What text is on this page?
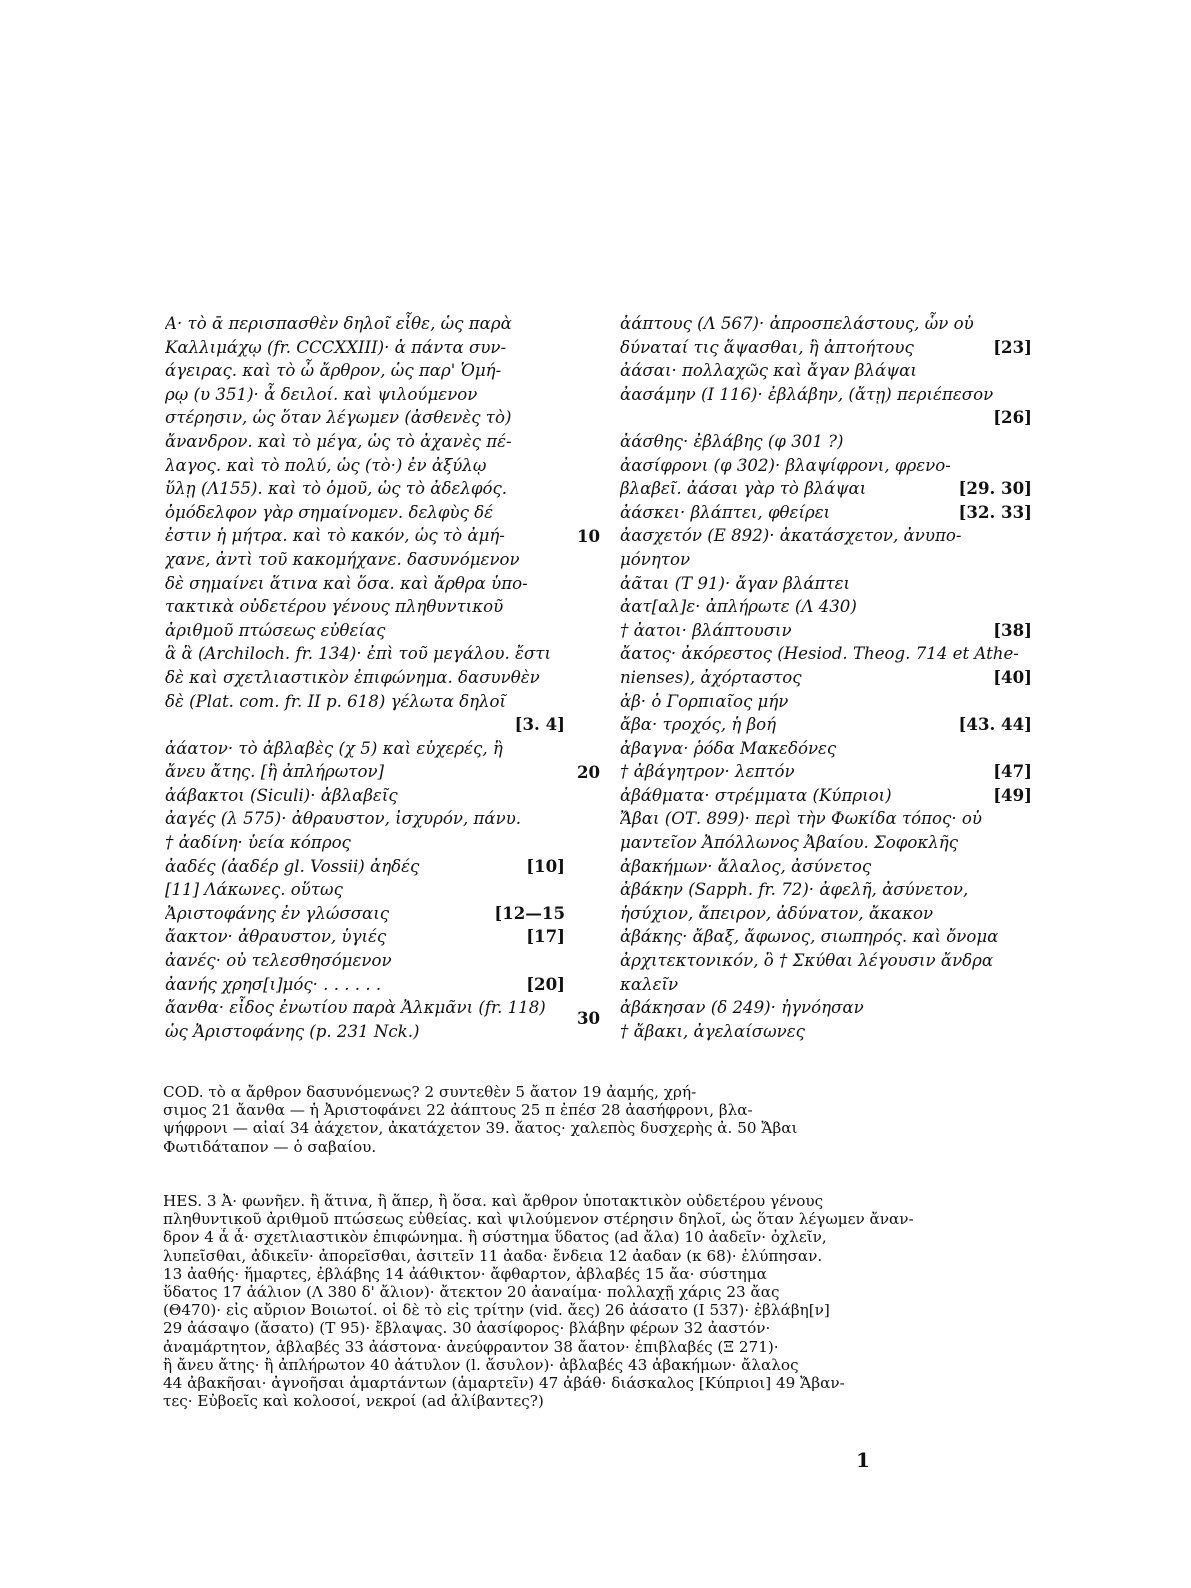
Α· τὸ ᾱ περισπασθὲν δηλοῖ εἶθε, ὡς παρὰ
Καλλιμάχῳ (fr. CCCXXIII)· ἀ πάντα συν-
άγειρας. καὶ τὸ ὦ ἄρθρον, ὡς παρ' Ὁμή-
ρῳ (υ 351)· ἆ δειλοί. καὶ ψιλούμενον
στέρησιν, ὡς ὅταν λέγωμεν (ἀσθενὲς τὸ)
ἄνανδρον. καὶ τὸ μέγα, ὡς τὸ ἀχανὲς πέ-
λαγος. καὶ τὸ πολύ, ὡς (τὸ·) ἐν ἀξύλῳ
ὕλῃ (Λ155). καὶ τὸ ὁμοῦ, ὡς τὸ ἀδελφός.
ὁμόδελφον γὰρ σημαίνομεν. δελφὺς δέ
ἐστιν ἡ μήτρα. καὶ τὸ κακόν, ὡς τὸ ἀμή-
χανε, ἀντὶ τοῦ κακομήχανε. δασυνόμενον
δὲ σημαίνει ἅτινα καὶ ὅσα. καὶ ἄρθρα ὑπο-
τακτικὰ οὐδετέρου γένους πληθυντικοῦ
ἀριθμοῦ πτώσεως εὐθείας
ἃ ἃ (Archiloch. fr. 134)· ἐπὶ τοῦ μεγάλου. ἔστι
δὲ καὶ σχετλιαστικὸν ἐπιφώνημα. δασυνθὲν
δὲ (Plat. com. fr. II p. 618) γέλωτα δηλοῖ
[3. 4]
ἀάατον· τὸ ἀβλαβὲς (χ 5) καὶ εὐχερές, ἢ
ἄνευ ἄτης. [ἢ ἀπλήρωτον]
ἀάβακτοι (Siculi)· ἀβλαβεῖς
ἀαγές (λ 575)· ἀθραυστον, ἰσχυρόν, πάνυ.
† ἀαδίνη· ὑεία κόπρος
ἀαδές (ἀαδέρ gl. Vossii) ἀηδές	[10]
[11] Λάκωνες. οὕτως
Ἀριστοφάνης ἐν γλώσσαις	[12—15
ἄακτον· ἀθραυστον, ὑγιές	[17]
ἀανές· οὐ τελεσθησόμενον
ἀανής χρησ[ι]μός· . . . . . .	[20]
ἄανθα· εἶδος ἐνωτίου παρὰ Ἀλκμᾶνι (fr. 118)
ὡς Ἀριστοφάνης (p. 231 Nck.)
ἀάπτους (Λ 567)· ἀπροσπελάστους, ὧν οὐ
δύναταί τις ἅψασθαι, ἢ ἀπτοήτους	[23]
ἀάσαι· πολλαχῶς καὶ ἄγαν βλάψαι
ἀασάμην (I 116)· ἐβλάβην, (ἄτῃ) περιέπεσον
[26]
ἀάσθης· ἐβλάβης (φ 301 ?)
ἀασίφρονι (φ 302)· βλαψίφρονι, φρενο-
βλαβεῖ. ἀάσαι γὰρ τὸ βλάψαι	[29. 30]
ἀάσκει· βλάπτει, φθείρει	[32. 33]
ἀασχετόν (Ε 892)· ἀκατάσχετον, ἀνυπο-
μόνητον
ἀᾶται (Τ 91)· ἄγαν βλάπτει
ἀατ[αλ]ε· ἀπλήρωτε (Λ 430)
† ἀατοι· βλάπτουσιν	[38]
ἄατος· ἀκόρεστος (Hesiod. Theog. 714 et Athe-
nienses), ἀχόρταστος	[40]
ἀβ· ὁ Γορπιαῖος μήν
ἄβα· τροχός, ἡ βοή	[43. 44]
ἀβαγνα· ῥόδα Μακεδόνες
† ἀβάγητρον· λεπτόν	[47]
ἀβάθματα· στρέμματα (Κύπριοι)	[49]
Ἄβαι (ΟΤ. 899)· περὶ τὴν Φωκίδα τόπος· οὐ
μαντεῖον Ἀπόλλωνος Ἀβαίου. Σοφοκλῆς
ἀβακήμων· ἄλαλος, ἀσύνετος
ἀβάκην (Sapph. fr. 72)· ἀφελῆ, ἀσύνετον,
ἡσύχιον, ἄπειρον, ἀδύνατον, ἄκακον
ἀβάκης· ἄβαξ, ἄφωνος, σιωπηρός. καὶ ὄνομα
ἀρχιτεκτονικόν, ὃ † Σκύθαι λέγουσιν ἄνδρα
καλεῖν
ἀβάκησαν (δ 249)· ἠγνόησαν
† ἄβακι, ἀγελαίσωνες
10
20
30
COD. τὸ α ἄρθρον δασυνόμενως? 2 συντεθὲν 5 ἄατον 19 ἀαμής, χρή-
σιμος 21 ἄανθα — ἡ Ἀριστοφάνει 22 ἀάπτους 25 π ἐπέσ 28 ἀασήφρονι, βλα-
ψήφρονι — αἰαί 34 ἀάχετον, ἀκατάχετον 39. ἄατος· χαλεπὸς δυσχερὴς ἀ. 50 Ἄβαι
Φωτιδάταπον — ὁ σαβαίου.
HES. 3 Ἀ· φωνῆεν. ἢ ἅτινα, ἢ ἅπερ, ἢ ὅσα. καὶ ἄρθρον ὑποτακτικὸν οὐδετέρου γένους
πληθυντικοῦ ἀριθμοῦ πτώσεως εὐθείας. καὶ ψιλούμενον στέρησιν δηλοῖ, ὡς ὅταν λέγωμεν ἄναν-
δρον 4 ἆ ἆ· σχετλιαστικὸν ἐπιφώνημα. ἢ σύστημα ὕδατος (ad ἄλα) 10 ἀαδεῖν· ὀχλεῖν,
λυπεῖσθαι, ἀδικεῖν· ἀπορεῖσθαι, ἀσιτεῖν 11 ἀαδα· ἔνδεια 12 ἀαδαν (κ 68)· ἐλύπησαν.
13 ἀαθής· ἥμαρτες, ἐβλάβης 14 ἀάθικτον· ἄφθαρτον, ἀβλαβές 15 ἄα· σύστημα
ὕδατος 17 ἀάλιον (Λ 380 δ' ἄλιον)· ἄτεκτον 20 ἀαναίμα· πολλαχῇ χάρις 23 ἄας
(Θ470)· εἰς αὔριον Βοιωτοί. οἱ δὲ τὸ εἰς τρίτην (vid. ἄες) 26 ἀάσατο (I 537)· ἐβλάβη[ν]
29 ἀάσαψο (ἄσατο) (Τ 95)· ἔβλαψας. 30 ἀασίφορος· βλάβην φέρων 32 ἀαστόν·
ἀναμάρτητον, ἀβλαβές 33 ἀάστονα· ἀνεύφραντον 38 ἄατον· ἐπιβλαβές (Ξ 271)·
ἢ ἄνευ ἄτης· ἢ ἀπλήρωτον 40 ἀάτυλον (l. ἄσυλον)· ἀβλαβές 43 ἀβακήμων· ἄλαλος
44 ἀβακῆσαι· ἀγνοῆσαι ἀμαρτάντων (ἁμαρτεῖν) 47 ἀβάθ· διάσκαλος [Κύπριοι] 49 Ἄβαν-
τες· Εὐβοεῖς καὶ κολοσοί, νεκροί (ad ἀλίβαντες?)
1
